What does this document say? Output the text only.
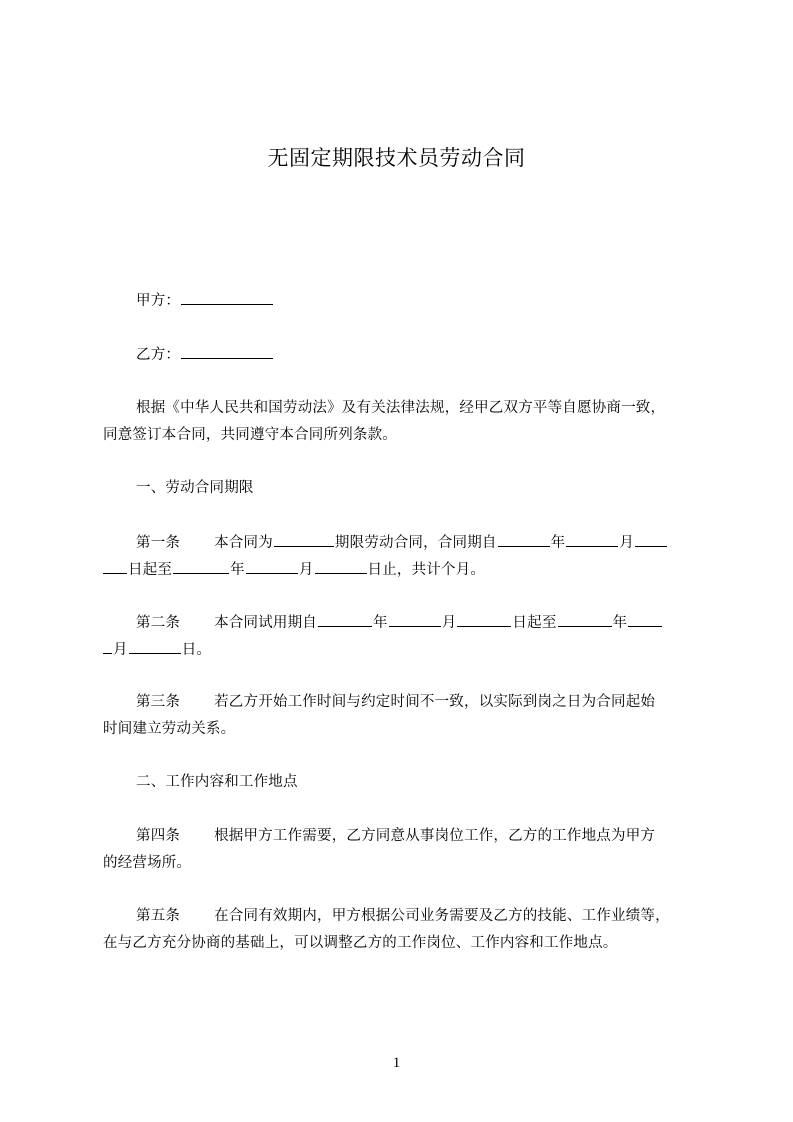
无固定期限技术员劳动合同
甲方：
乙方：
根据《中华人民共和国劳动法》及有关法律法规，经甲乙双方平等自愿协商一致，
同意签订本合同，共同遵守本合同所列条款。
一、劳动合同期限
第一条 本合同为	期限劳动合同，合同期自	年	月
日起至	年	月	日止，共计个月。
第二条 本合同试用期自	年	月	日起至	年
月	日。
第三条 若乙方开始工作时间与约定时间不一致，以实际到岗之日为合同起始
时间建立劳动关系。
二、工作内容和工作地点
第四条 根据甲方工作需要，乙方同意从事岗位工作，乙方的工作地点为甲方
的经营场所。
第五条 在合同有效期内，甲方根据公司业务需要及乙方的技能、工作业绩等，
在与乙方充分协商的基础上，可以调整乙方的工作岗位、工作内容和工作地点。
1
